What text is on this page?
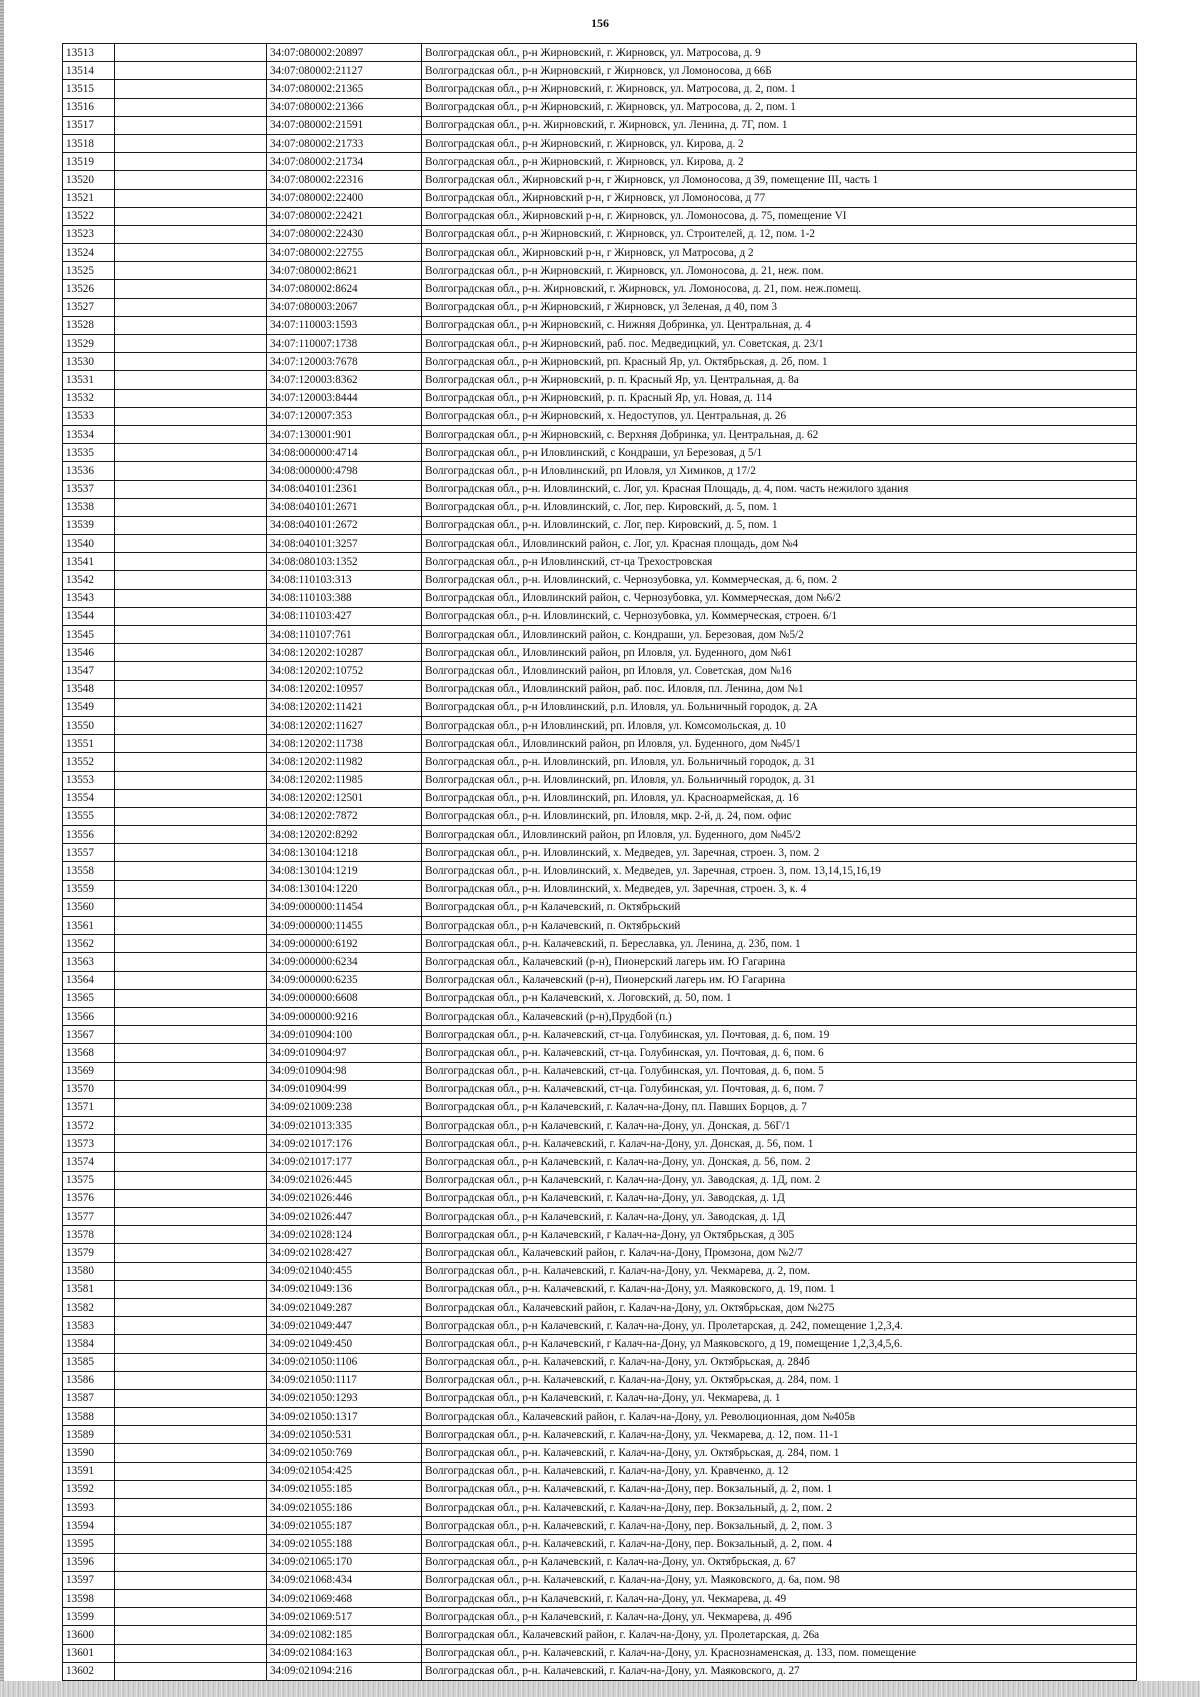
156
13513		34:07:080002:20897	Волгоградская обл., р-н Жирновский, г. Жирновск, ул. Матросова, д. 9
13514		34:07:080002:21127	Волгоградская обл., р-н Жирновский, г Жирновск, ул Ломоносова, д 66Б
13515		34:07:080002:21365	Волгоградская обл., р-н Жирновский, г. Жирновск, ул. Матросова, д. 2, пом. 1
13516		34:07:080002:21366	Волгоградская обл., р-н Жирновский, г. Жирновск, ул. Матросова, д. 2, пом. 1
13517		34:07:080002:21591	Волгоградская обл., р-н. Жирновский, г. Жирновск, ул. Ленина, д. 7Г, пом. 1
13518		34:07:080002:21733	Волгоградская обл., р-н Жирновский, г. Жирновск, ул. Кирова, д. 2
13519		34:07:080002:21734	Волгоградская обл., р-н Жирновский, г. Жирновск, ул. Кирова, д. 2
13520		34:07:080002:22316	Волгоградская обл., Жирновский р-н, г Жирновск, ул Ломоносова, д 39, помещение III, часть 1
13521		34:07:080002:22400	Волгоградская обл., Жирновский р-н, г Жирновск, ул Ломоносова, д 77
13522		34:07:080002:22421	Волгоградская обл., Жирновский р-н, г. Жирновск, ул. Ломоносова, д. 75, помещение VI
13523		34:07:080002:22430	Волгоградская обл., р-н Жирновский, г. Жирновск, ул. Строителей, д. 12, пом. 1-2
13524		34:07:080002:22755	Волгоградская обл., Жирновский р-н, г Жирновск, ул Матросова, д 2
13525		34:07:080002:8621	Волгоградская обл., р-н Жирновский, г. Жирновск, ул. Ломоносова, д. 21, неж. пом.
13526		34:07:080002:8624	Волгоградская обл., р-н. Жирновский, г. Жирновск, ул. Ломоносова, д. 21, пом. неж.помещ.
13527		34:07:080003:2067	Волгоградская обл., р-н Жирновский, г Жирновск, ул Зеленая, д 40, пом 3
13528		34:07:110003:1593	Волгоградская обл., р-н Жирновский, с. Нижняя Добринка, ул. Центральная, д. 4
13529		34:07:110007:1738	Волгоградская обл., р-н Жирновский, раб. пос. Медведицкий, ул. Советская, д. 23/1
13530		34:07:120003:7678	Волгоградская обл., р-н Жирновский, рп. Красный Яр, ул. Октябрьская, д. 2б, пом. 1
13531		34:07:120003:8362	Волгоградская обл., р-н Жирновский, р. п. Красный Яр, ул. Центральная, д. 8а
13532		34:07:120003:8444	Волгоградская обл., р-н Жирновский, р. п. Красный Яр, ул. Новая, д. 114
13533		34:07:120007:353	Волгоградская обл., р-н Жирновский, х. Недоступов, ул. Центральная, д. 26
13534		34:07:130001:901	Волгоградская обл., р-н Жирновский, с. Верхняя Добринка, ул. Центральная, д. 62
13535		34:08:000000:4714	Волгоградская обл., р-н Иловлинский, с Кондраши, ул Березовая, д 5/1
13536		34:08:000000:4798	Волгоградская обл., р-н Иловлинский, рп Иловля, ул Химиков, д 17/2
13537		34:08:040101:2361	Волгоградская обл., р-н. Иловлинский, с. Лог, ул. Красная Площадь, д. 4, пом. часть нежилого здания
13538		34:08:040101:2671	Волгоградская обл., р-н. Иловлинский, с. Лог, пер. Кировский, д. 5, пом. 1
13539		34:08:040101:2672	Волгоградская обл., р-н. Иловлинский, с. Лог, пер. Кировский, д. 5, пом. 1
13540		34:08:040101:3257	Волгоградская обл., Иловлинский район, с. Лог, ул. Красная площадь, дом №4
13541		34:08:080103:1352	Волгоградская обл., р-н Иловлинский, ст-ца Трехостровская
13542		34:08:110103:313	Волгоградская обл., р-н. Иловлинский, с. Чернозубовка, ул. Коммерческая, д. 6, пом. 2
13543		34:08:110103:388	Волгоградская обл., Иловлинский район, с. Чернозубовка, ул. Коммерческая, дом №6/2
13544		34:08:110103:427	Волгоградская обл., р-н. Иловлинский, с. Чернозубовка, ул. Коммерческая, строен. 6/1
13545		34:08:110107:761	Волгоградская обл., Иловлинский район, с. Кондраши, ул. Березовая, дом №5/2
13546		34:08:120202:10287	Волгоградская обл., Иловлинский район, рп Иловля, ул. Буденного, дом №61
13547		34:08:120202:10752	Волгоградская обл., Иловлинский район, рп Иловля, ул. Советская, дом №16
13548		34:08:120202:10957	Волгоградская обл., Иловлинский район, раб. пос. Иловля, пл. Ленина, дом №1
13549		34:08:120202:11421	Волгоградская обл., р-н Иловлинский, р.п. Иловля, ул. Больничный городок, д. 2А
13550		34:08:120202:11627	Волгоградская обл., р-н Иловлинский, рп. Иловля, ул. Комсомольская, д. 10
13551		34:08:120202:11738	Волгоградская обл., Иловлинский район, рп Иловля, ул. Буденного, дом №45/1
13552		34:08:120202:11982	Волгоградская обл., р-н. Иловлинский, рп. Иловля, ул. Больничный городок, д. 31
13553		34:08:120202:11985	Волгоградская обл., р-н. Иловлинский, рп. Иловля, ул. Больничный городок, д. 31
13554		34:08:120202:12501	Волгоградская обл., р-н. Иловлинский, рп. Иловля, ул. Красноармейская, д. 16
13555		34:08:120202:7872	Волгоградская обл., р-н. Иловлинский, рп. Иловля, мкр. 2-й, д. 24, пом. офис
13556		34:08:120202:8292	Волгоградская обл., Иловлинский район, рп Иловля, ул. Буденного, дом №45/2
13557		34:08:130104:1218	Волгоградская обл., р-н. Иловлинский, х. Медведев, ул. Заречная, строен. 3, пом. 2
13558		34:08:130104:1219	Волгоградская обл., р-н. Иловлинский, х. Медведев, ул. Заречная, строен. 3, пом. 13,14,15,16,19
13559		34:08:130104:1220	Волгоградская обл., р-н. Иловлинский, х. Медведев, ул. Заречная, строен. 3, к. 4
13560		34:09:000000:11454	Волгоградская обл., р-н Калачевский, п. Октябрьский
13561		34:09:000000:11455	Волгоградская обл., р-н Калачевский, п. Октябрьский
13562		34:09:000000:6192	Волгоградская обл., р-н. Калачевский, п. Береславка, ул. Ленина, д. 23б, пом. 1
13563		34:09:000000:6234	Волгоградская обл., Калачевский (р-н), Пионерский лагерь им. Ю Гагарина
13564		34:09:000000:6235	Волгоградская обл., Калачевский (р-н), Пионерский лагерь им. Ю Гагарина
13565		34:09:000000:6608	Волгоградская обл., р-н Калачевский, х. Логовский, д. 50, пом. 1
13566		34:09:000000:9216	Волгоградская обл., Калачевский (р-н),Прудбой (п.)
13567		34:09:010904:100	Волгоградская обл., р-н. Калачевский, ст-ца. Голубинская, ул. Почтовая, д. 6, пом. 19
13568		34:09:010904:97	Волгоградская обл., р-н. Калачевский, ст-ца. Голубинская, ул. Почтовая, д. 6, пом. 6
13569		34:09:010904:98	Волгоградская обл., р-н. Калачевский, ст-ца. Голубинская, ул. Почтовая, д. 6, пом. 5
13570		34:09:010904:99	Волгоградская обл., р-н. Калачевский, ст-ца. Голубинская, ул. Почтовая, д. 6, пом. 7
13571		34:09:021009:238	Волгоградская обл., р-н Калачевский, г. Калач-на-Дону, пл. Павших Борцов, д. 7
13572		34:09:021013:335	Волгоградская обл., р-н Калачевский, г. Калач-на-Дону, ул. Донская, д. 56Г/1
13573		34:09:021017:176	Волгоградская обл., р-н. Калачевский, г. Калач-на-Дону, ул. Донская, д. 56, пом. 1
13574		34:09:021017:177	Волгоградская обл., р-н Калачевский, г. Калач-на-Дону, ул. Донская, д. 56, пом. 2
13575		34:09:021026:445	Волгоградская обл., р-н Калачевский, г. Калач-на-Дону, ул. Заводская, д. 1Д, пом. 2
13576		34:09:021026:446	Волгоградская обл., р-н Калачевский, г. Калач-на-Дону, ул. Заводская, д. 1Д
13577		34:09:021026:447	Волгоградская обл., р-н Калачевский, г. Калач-на-Дону, ул. Заводская, д. 1Д
13578		34:09:021028:124	Волгоградская обл., р-н Калачевский, г Калач-на-Дону, ул Октябрьская, д 305
13579		34:09:021028:427	Волгоградская обл., Калачевский район, г. Калач-на-Дону, Промзона, дом №2/7
13580		34:09:021040:455	Волгоградская обл., р-н. Калачевский, г. Калач-на-Дону, ул. Чекмарева, д. 2, пом.
13581		34:09:021049:136	Волгоградская обл., р-н. Калачевский, г. Калач-на-Дону, ул. Маяковского, д. 19, пом. 1
13582		34:09:021049:287	Волгоградская обл., Калачевский район, г. Калач-на-Дону, ул. Октябрьская, дом №275
13583		34:09:021049:447	Волгоградская обл., р-н Калачевский, г. Калач-на-Дону, ул. Пролетарская, д. 242, помещение 1,2,3,4.
13584		34:09:021049:450	Волгоградская обл., р-н Калачевский, г Калач-на-Дону, ул Маяковского, д 19, помещение 1,2,3,4,5,6.
13585		34:09:021050:1106	Волгоградская обл., р-н. Калачевский, г. Калач-на-Дону, ул. Октябрьская, д. 284б
13586		34:09:021050:1117	Волгоградская обл., р-н. Калачевский, г. Калач-на-Дону, ул. Октябрьская, д. 284, пом. 1
13587		34:09:021050:1293	Волгоградская обл., р-н Калачевский, г. Калач-на-Дону, ул. Чекмарева, д. 1
13588		34:09:021050:1317	Волгоградская обл., Калачевский район, г. Калач-на-Дону, ул. Революционная, дом №405в
13589		34:09:021050:531	Волгоградская обл., р-н. Калачевский, г. Калач-на-Дону, ул. Чекмарева, д. 12, пом. 11-1
13590		34:09:021050:769	Волгоградская обл., р-н. Калачевский, г. Калач-на-Дону, ул. Октябрьская, д. 284, пом. 1
13591		34:09:021054:425	Волгоградская обл., р-н. Калачевский, г. Калач-на-Дону, ул. Кравченко, д. 12
13592		34:09:021055:185	Волгоградская обл., р-н. Калачевский, г. Калач-на-Дону, пер. Вокзальный, д. 2, пом. 1
13593		34:09:021055:186	Волгоградская обл., р-н. Калачевский, г. Калач-на-Дону, пер. Вокзальный, д. 2, пом. 2
13594		34:09:021055:187	Волгоградская обл., р-н. Калачевский, г. Калач-на-Дону, пер. Вокзальный, д. 2, пом. 3
13595		34:09:021055:188	Волгоградская обл., р-н. Калачевский, г. Калач-на-Дону, пер. Вокзальный, д. 2, пом. 4
13596		34:09:021065:170	Волгоградская обл., р-н Калачевский, г. Калач-на-Дону, ул. Октябрьская, д. 67
13597		34:09:021068:434	Волгоградская обл., р-н. Калачевский, г. Калач-на-Дону, ул. Маяковского, д. 6а, пом. 98
13598		34:09:021069:468	Волгоградская обл., р-н Калачевский, г. Калач-на-Дону, ул. Чекмарева, д. 49
13599		34:09:021069:517	Волгоградская обл., р-н Калачевский, г. Калач-на-Дону, ул. Чекмарева, д. 49б
13600		34:09:021082:185	Волгоградская обл., Калачевский район, г. Калач-на-Дону, ул. Пролетарская, д. 26а
13601		34:09:021084:163	Волгоградская обл., р-н. Калачевский, г. Калач-на-Дону, ул. Краснознаменская, д. 133, пом. помещение
13602		34:09:021094:216	Волгоградская обл., р-н. Калачевский, г. Калач-на-Дону, ул. Маяковского, д. 27
